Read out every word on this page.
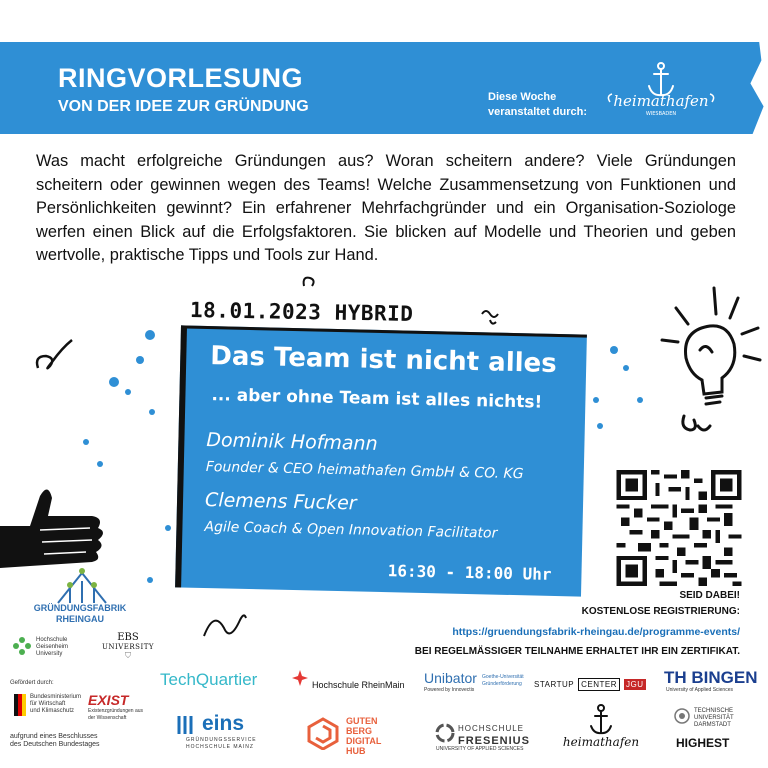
RINGVORLESUNG
VON DER IDEE ZUR GRÜNDUNG
Diese Woche
veranstaltet durch:
heimathafen
WIESBADEN

Was macht erfolgreiche Gründungen aus? Woran scheitern andere? Viele Gründungen scheitern oder gewinnen wegen des Teams! Welche Zusammensetzung von Funktionen und Persönlichkeiten gewinnt? Ein erfahrener Mehrfachgründer und ein Organisation-Soziologe werfen einen Blick auf die Erfolgsfaktoren. Sie blicken auf Modelle und Theorien und geben wertvolle, praktische Tipps und Tools zur Hand.

18.01.2023 HYBRID
Das Team ist nicht alles
... aber ohne Team ist alles nichts!
Dominik Hofmann
Founder & CEO heimathafen GmbH & CO. KG
Clemens Fucker
Agile Coach & Open Innovation Facilitator
16:30 - 18:00 Uhr
SEID DABEI!
KOSTENLOSE REGISTRIERUNG:
https://gruendungsfabrik-rheingau.de/programme-events/
BEI REGELMÄSSIGER TEILNAHME ERHALTET IHR EIN ZERTIFIKAT.
GRÜNDUNGSFABRIK
RHEINGAU
Hochschule
Geisenheim
University
EBS
UNIVERSITY
⛉
Gefördert durch:
Bundesministerium
für Wirtschaft
und Klimaschutz
EXIST
Existenzgründungen aus der Wissenschaft
aufgrund eines Beschlusses
des Deutschen Bundestages
TechQuartier	Hochschule RheinMain Unibator
Powered by Innovectis
Goethe-Universität
Gründerförderung STARTUP CENTER	JGU TH BINGEN
University of Applied Sciences
eins
GRÜNDUNGSSERVICE
HOCHSCHULE MAINZ
GUTEN
BERG
DIGITAL
HUB
HOCHSCHULE
FRESENIUS
UNIVERSITY OF APPLIED SCIENCES	heimathafen
TECHNISCHE
UNIVERSITÄT
DARMSTADT
HIGHEST
